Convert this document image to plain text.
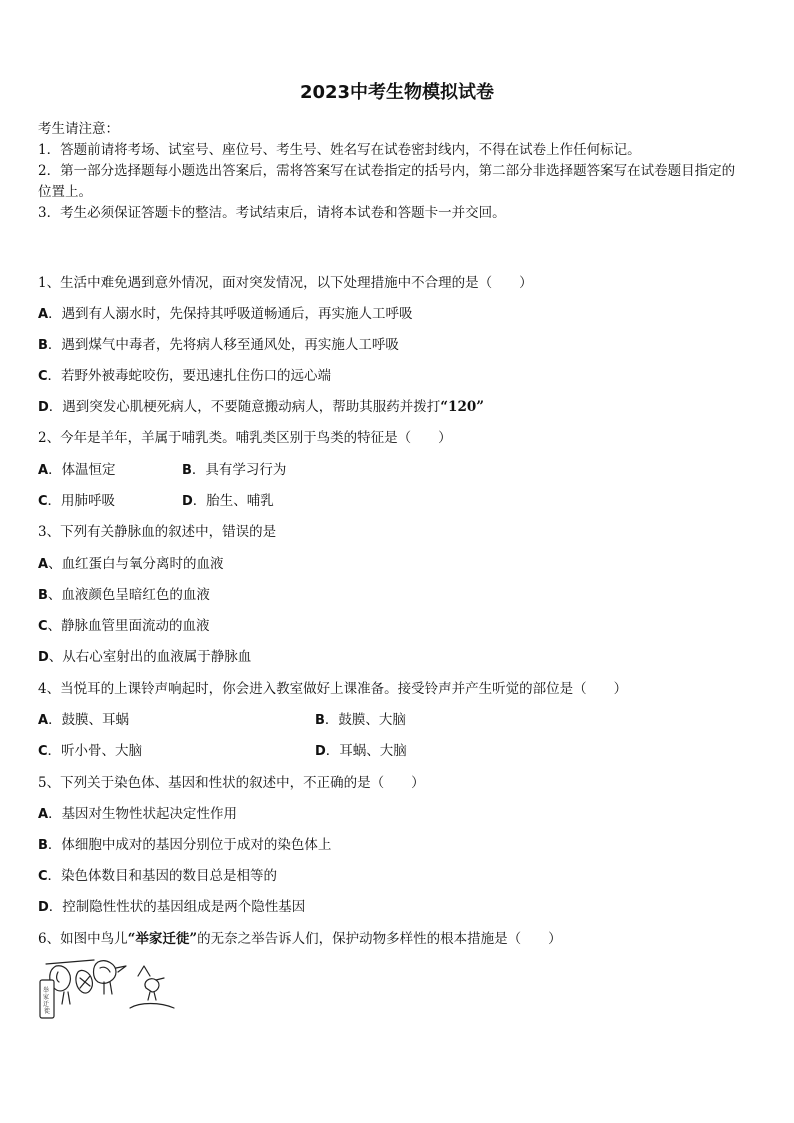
2023中考生物模拟试卷
考生请注意：
1．答题前请将考场、试室号、座位号、考生号、姓名写在试卷密封线内，不得在试卷上作任何标记。
2．第一部分选择题每小题选出答案后，需将答案写在试卷指定的括号内，第二部分非选择题答案写在试卷题目指定的
位置上。
3．考生必须保证答题卡的整洁。考试结束后，请将本试卷和答题卡一并交回。
1、生活中难免遇到意外情况，面对突发情况，以下处理措施中不合理的是（　　）
A．遇到有人溺水时，先保持其呼吸道畅通后，再实施人工呼吸
B．遇到煤气中毒者，先将病人移至通风处，再实施人工呼吸
C．若野外被毒蛇咬伤，要迅速扎住伤口的远心端
D．遇到突发心肌梗死病人，不要随意搬动病人，帮助其服药并拨打“120”
2、今年是羊年，羊属于哺乳类。哺乳类区别于鸟类的特征是（　　）
A．体温恒定	B．具有学习行为
C．用肺呼吸	D．胎生、哺乳
3、下列有关静脉血的叙述中，错误的是
A、血红蛋白与氧分离时的血液
B、血液颜色呈暗红色的血液
C、静脉血管里面流动的血液
D、从右心室射出的血液属于静脉血
4、当悦耳的上课铃声响起时，你会进入教室做好上课准备。接受铃声并产生听觉的部位是（　　）
A．鼓膜、耳蜗	B．鼓膜、大脑
C．听小骨、大脑	D．耳蜗、大脑
5、下列关于染色体、基因和性状的叙述中，不正确的是（　　）
A．基因对生物性状起决定性作用
B．体细胞中成对的基因分别位于成对的染色体上
C．染色体数目和基因的数目总是相等的
D．控制隐性性状的基因组成是两个隐性基因
6、如图中鸟儿“举家迁徙”的无奈之举告诉人们，保护动物多样性的根本措施是（　　）
举 家 迁 徙
